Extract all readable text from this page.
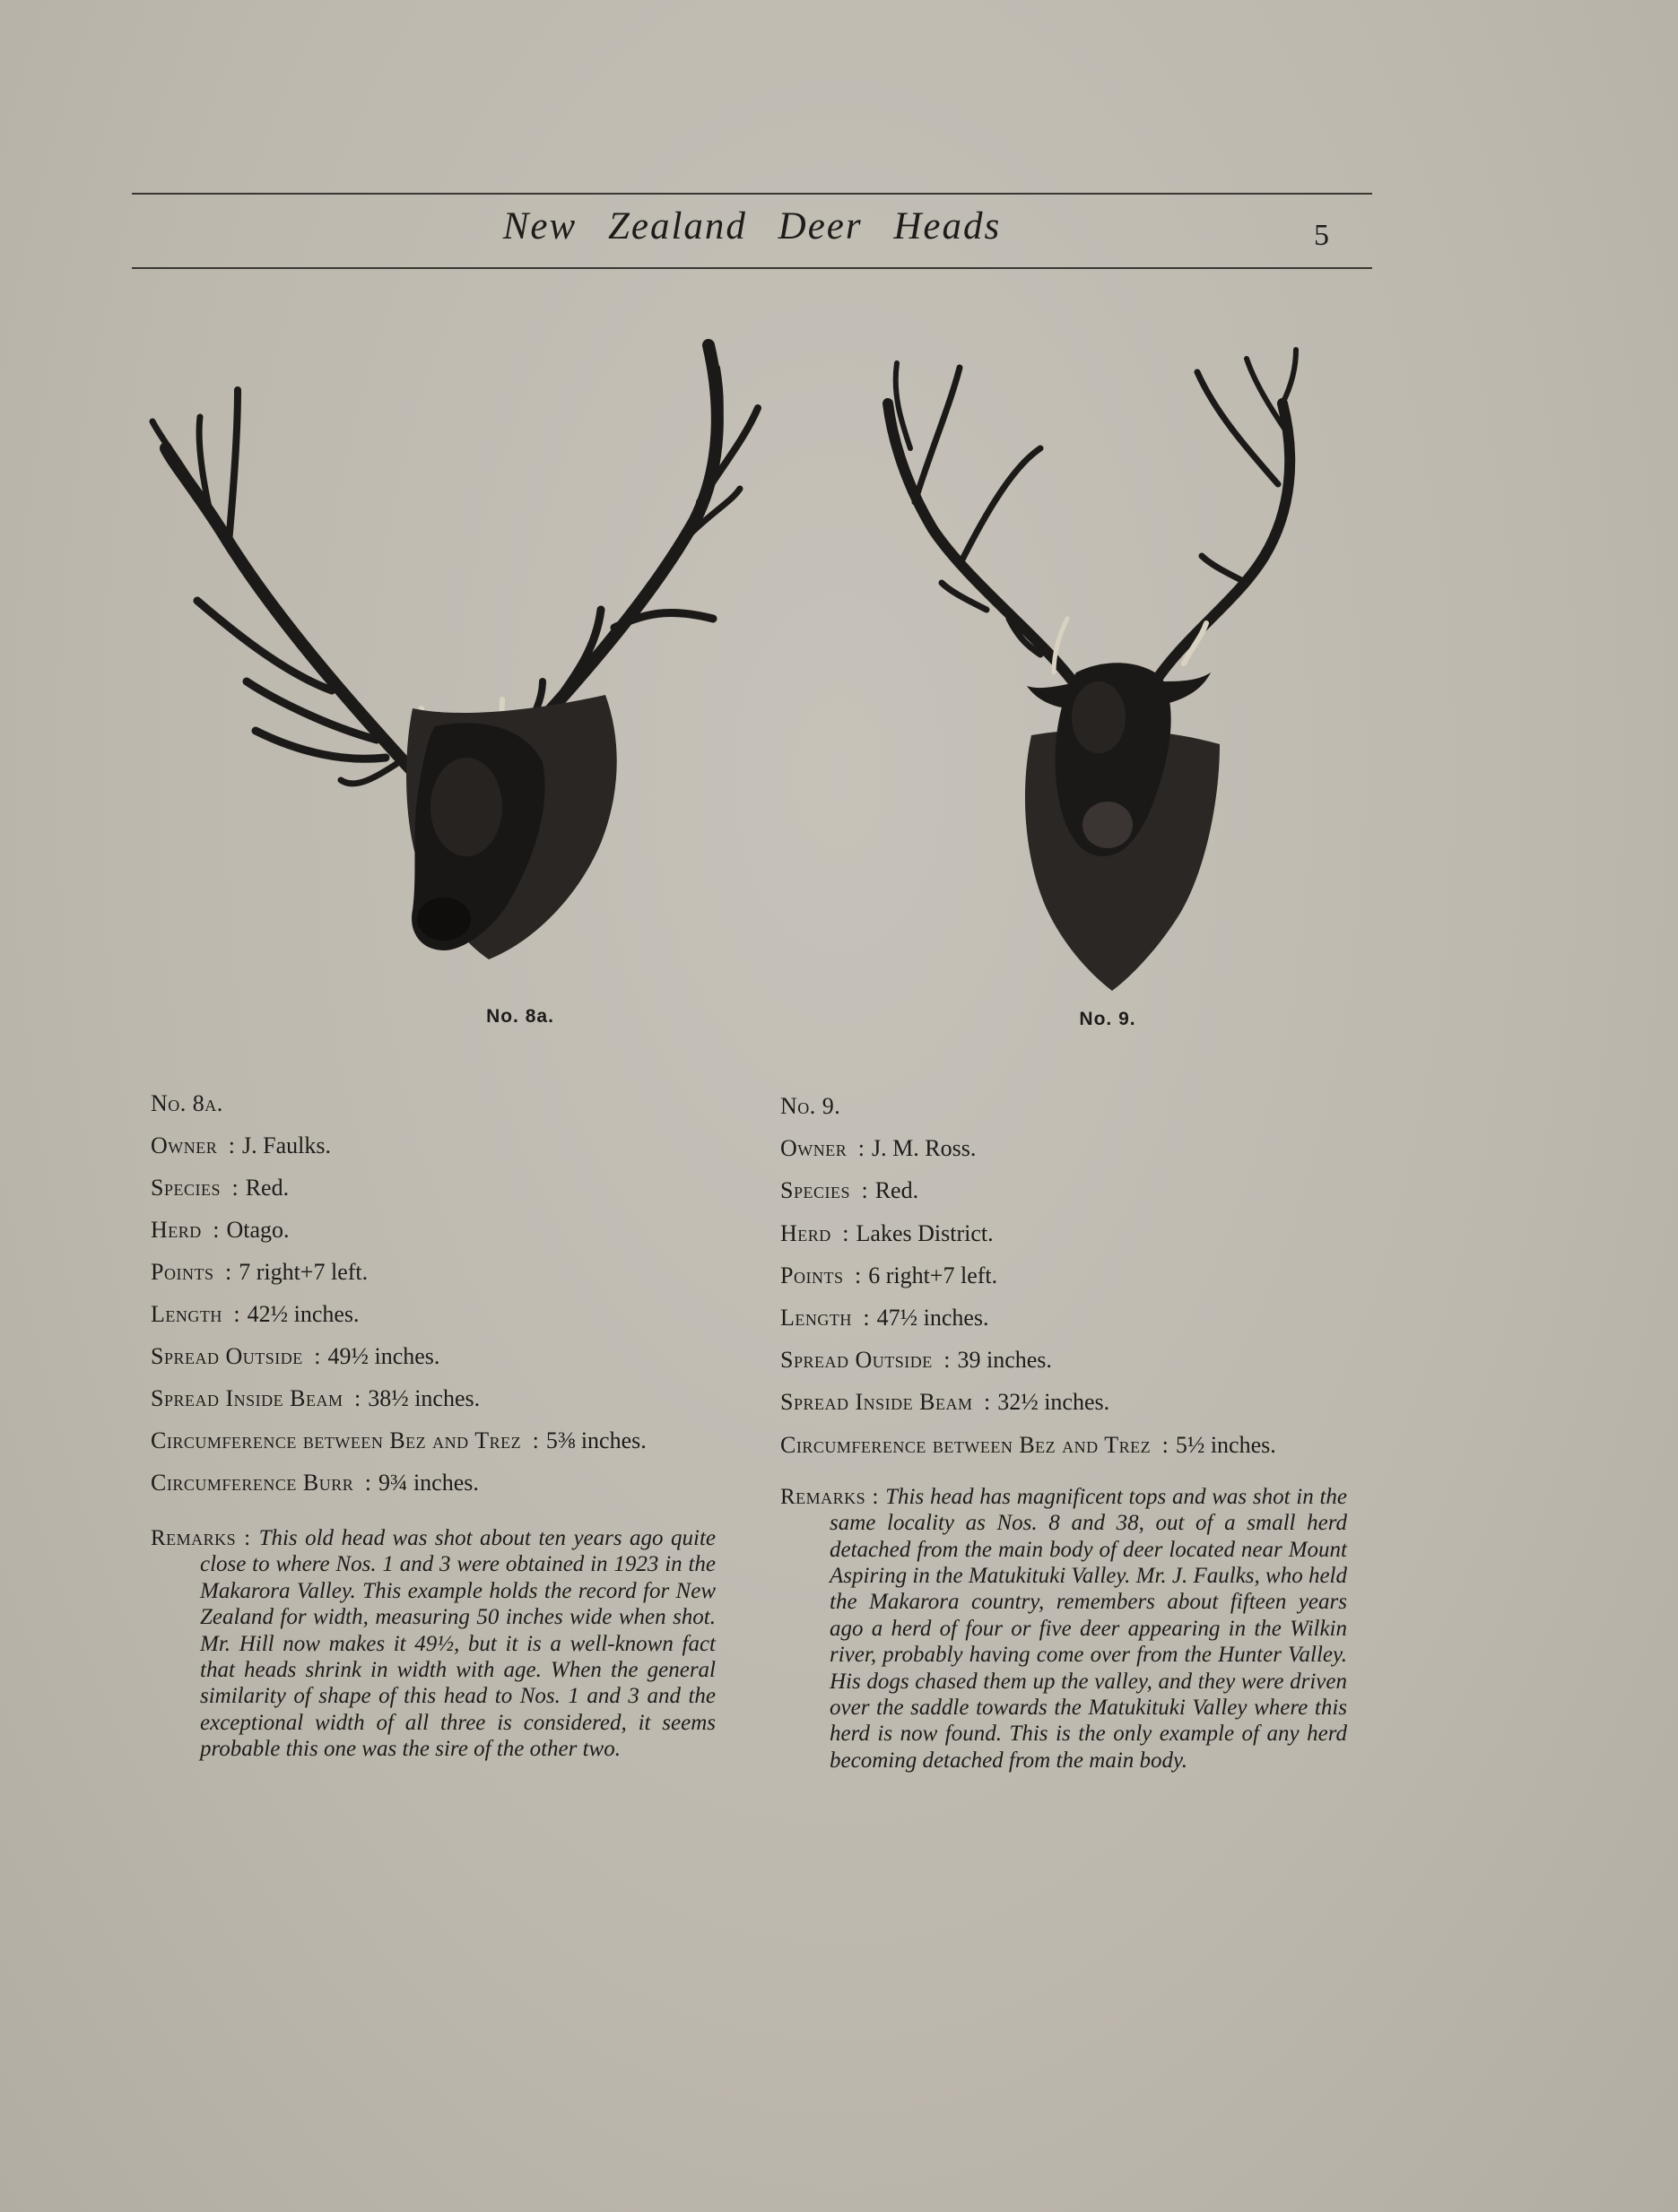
New Zealand Deer Heads	5
No. 8a.	No. 9.
No. 8a.
Owner : J. Faulks.
Species : Red.
Herd : Otago.
Points : 7 right+7 left.
Length : 42½ inches.
Spread Outside : 49½ inches.
Spread Inside Beam : 38½ inches.
Circumference between Bez and Trez : 5⅜ inches.
Circumference Burr : 9¾ inches.
Remarks : This old head was shot about ten years ago quite close to where Nos. 1 and 3 were obtained in 1923 in the Makarora Valley. This example holds the record for New Zealand for width, measuring 50 inches wide when shot. Mr. Hill now makes it 49½, but it is a well-known fact that heads shrink in width with age. When the general similarity of shape of this head to Nos. 1 and 3 and the exceptional width of all three is considered, it seems probable this one was the sire of the other two.
No. 9.
Owner : J. M. Ross.
Species : Red.
Herd : Lakes District.
Points : 6 right+7 left.
Length : 47½ inches.
Spread Outside : 39 inches.
Spread Inside Beam : 32½ inches.
Circumference between Bez and Trez : 5½ inches.
Remarks : This head has magnificent tops and was shot in the same locality as Nos. 8 and 38, out of a small herd detached from the main body of deer located near Mount Aspiring in the Matukituki Valley. Mr. J. Faulks, who held the Makarora country, remembers about fifteen years ago a herd of four or five deer appearing in the Wilkin river, probably having come over from the Hunter Valley. His dogs chased them up the valley, and they were driven over the saddle towards the Matukituki Valley where this herd is now found. This is the only example of any herd becoming detached from the main body.
